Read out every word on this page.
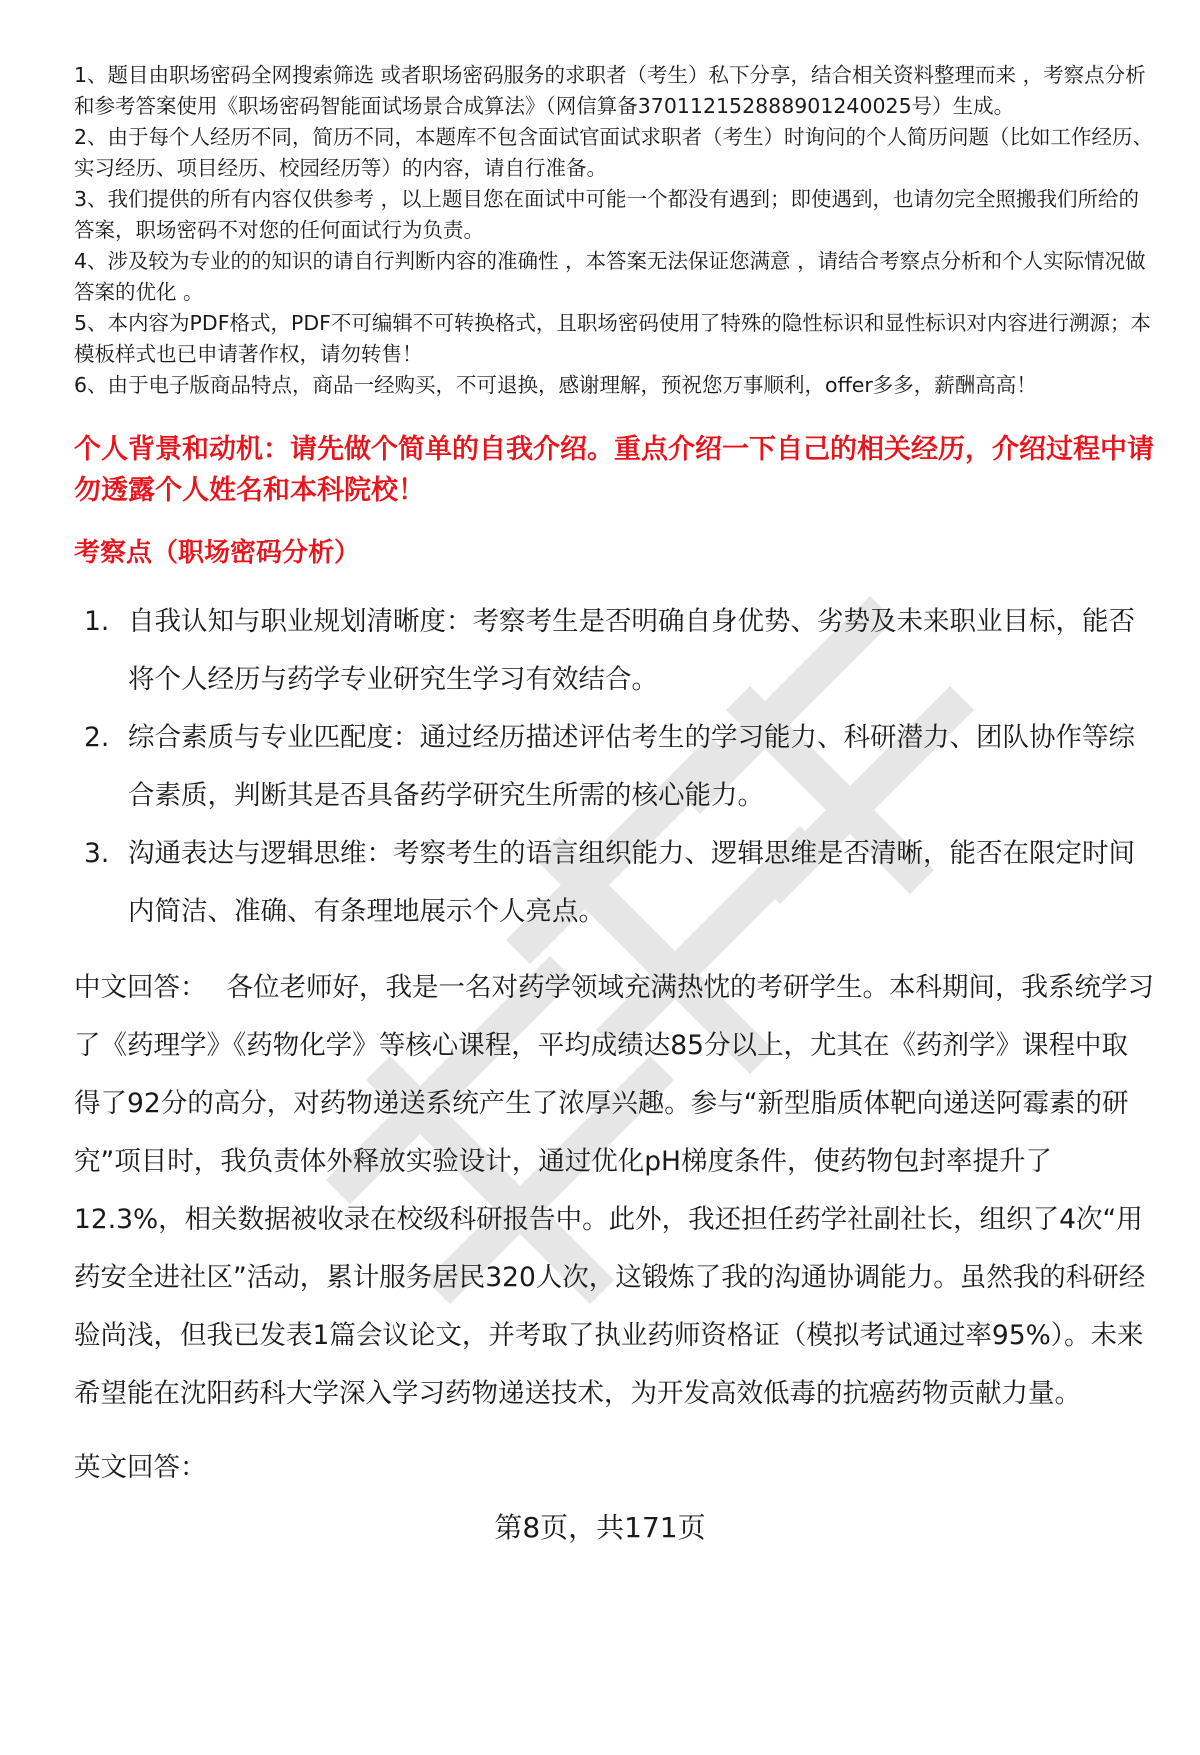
1、题目由职场密码全网搜索筛选 或者职场密码服务的求职者（考生）私下分享，结合相关资料整理而来 ，考察点分析和参考答案使用《职场密码智能面试场景合成算法》（网信算备370112152888901240025号）生成。

2、由于每个人经历不同，简历不同，本题库不包含面试官面试求职者（考生）时询问的个人简历问题（比如工作经历、实习经历、项目经历、校园经历等）的内容，请自行准备。

3、我们提供的所有内容仅供参考 ，以上题目您在面试中可能一个都没有遇到；即使遇到，也请勿完全照搬我们所给的答案，职场密码不对您的任何面试行为负责。

4、涉及较为专业的的知识的请自行判断内容的准确性 ，本答案无法保证您满意 ，请结合考察点分析和个人实际情况做答案的优化 。

5、本内容为PDF格式，PDF不可编辑不可转换格式，且职场密码使用了特殊的隐性标识和显性标识对内容进行溯源；本模板样式也已申请著作权，请勿转售！

6、由于电子版商品特点，商品一经购买，不可退换，感谢理解，预祝您万事顺利，offer多多，薪酬高高！

个人背景和动机：请先做个简单的自我介绍。重点介绍一下自己的相关经历，介绍过程中请勿透露个人姓名和本科院校！
考察点（职场密码分析）
1. 自我认知与职业规划清晰度：考察考生是否明确自身优势、劣势及未来职业目标，能否将个人经历与药学专业研究生学习有效结合。
2. 综合素质与专业匹配度：通过经历描述评估考生的学习能力、科研潜力、团队协作等综合素质，判断其是否具备药学研究生所需的核心能力。
3. 沟通表达与逻辑思维：考察考生的语言组织能力、逻辑思维是否清晰，能否在限定时间内简洁、准确、有条理地展示个人亮点。
中文回答： 各位老师好，我是一名对药学领域充满热忱的考研学生。本科期间，我系统学习了《药理学》《药物化学》等核心课程，平均成绩达85分以上，尤其在《药剂学》课程中取得了92分的高分，对药物递送系统产生了浓厚兴趣。参与“新型脂质体靶向递送阿霉素的研究”项目时，我负责体外释放实验设计，通过优化pH梯度条件，使药物包封率提升了12.3%，相关数据被收录在校级科研报告中。此外，我还担任药学社副社长，组织了4次“用药安全进社区”活动，累计服务居民320人次，这锻炼了我的沟通协调能力。虽然我的科研经验尚浅，但我已发表1篇会议论文，并考取了执业药师资格证（模拟考试通过率95%）。未来希望能在沈阳药科大学深入学习药物递送技术，为开发高效低毒的抗癌药物贡献力量。
英文回答：
第8页，共171页
